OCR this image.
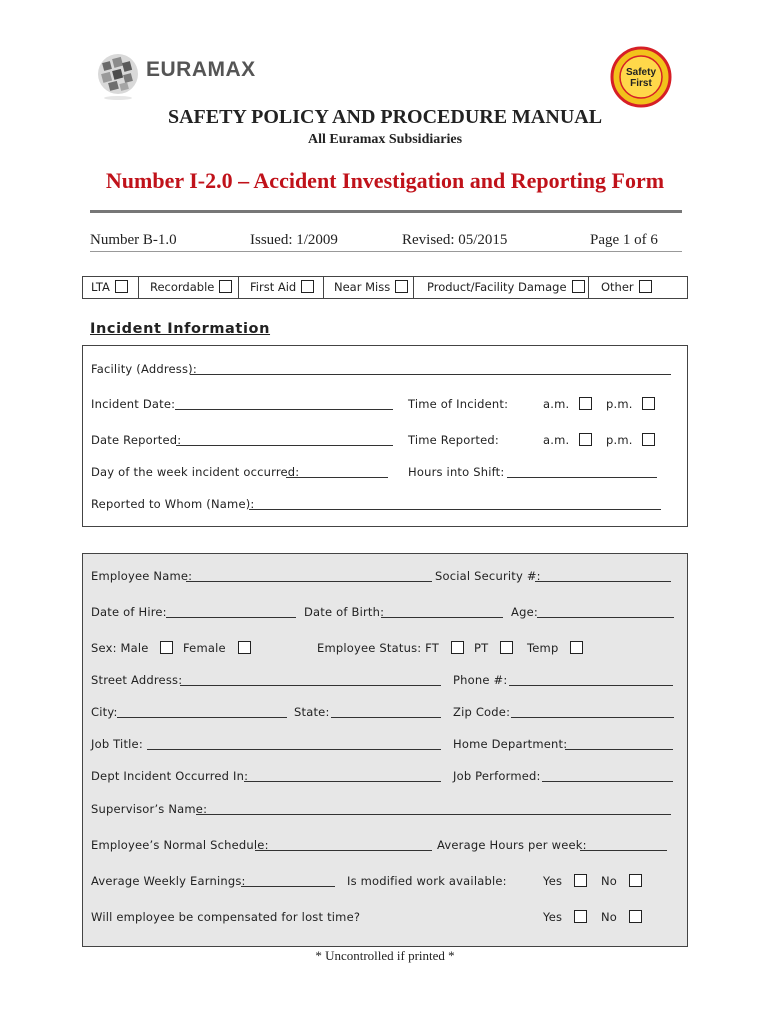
EURAMAX	Safety
First
SAFETY POLICY AND PROCEDURE MANUAL
All Euramax Subsidiaries
Number I-2.0 – Accident Investigation and Reporting Form
Number B-1.0	Issued: 1/2009	Revised: 05/2015	Page 1 of 6
LTA	Recordable	First Aid	Near Miss	Product/Facility Damage	Other
Incident Information
Facility (Address):
Incident Date:	Time of Incident:	a.m.	p.m.
Date Reported:	Time Reported:	a.m.	p.m.
Day of the week incident occurred:	Hours into Shift:
Reported to Whom (Name):
Employee Name:	Social Security #:
Date of Hire:	Date of Birth:	Age:
Sex: Male	Female	Employee Status: FT	PT	Temp
Street Address:	Phone #:
City:	State:	Zip Code:
Job Title:	Home Department:
Dept Incident Occurred In:	Job Performed:
Supervisor’s Name:
Employee’s Normal Schedule:	Average Hours per week:
Average Weekly Earnings:	Is modified work available:	Yes	No
Will employee be compensated for lost time?	Yes	No
* Uncontrolled if printed *
